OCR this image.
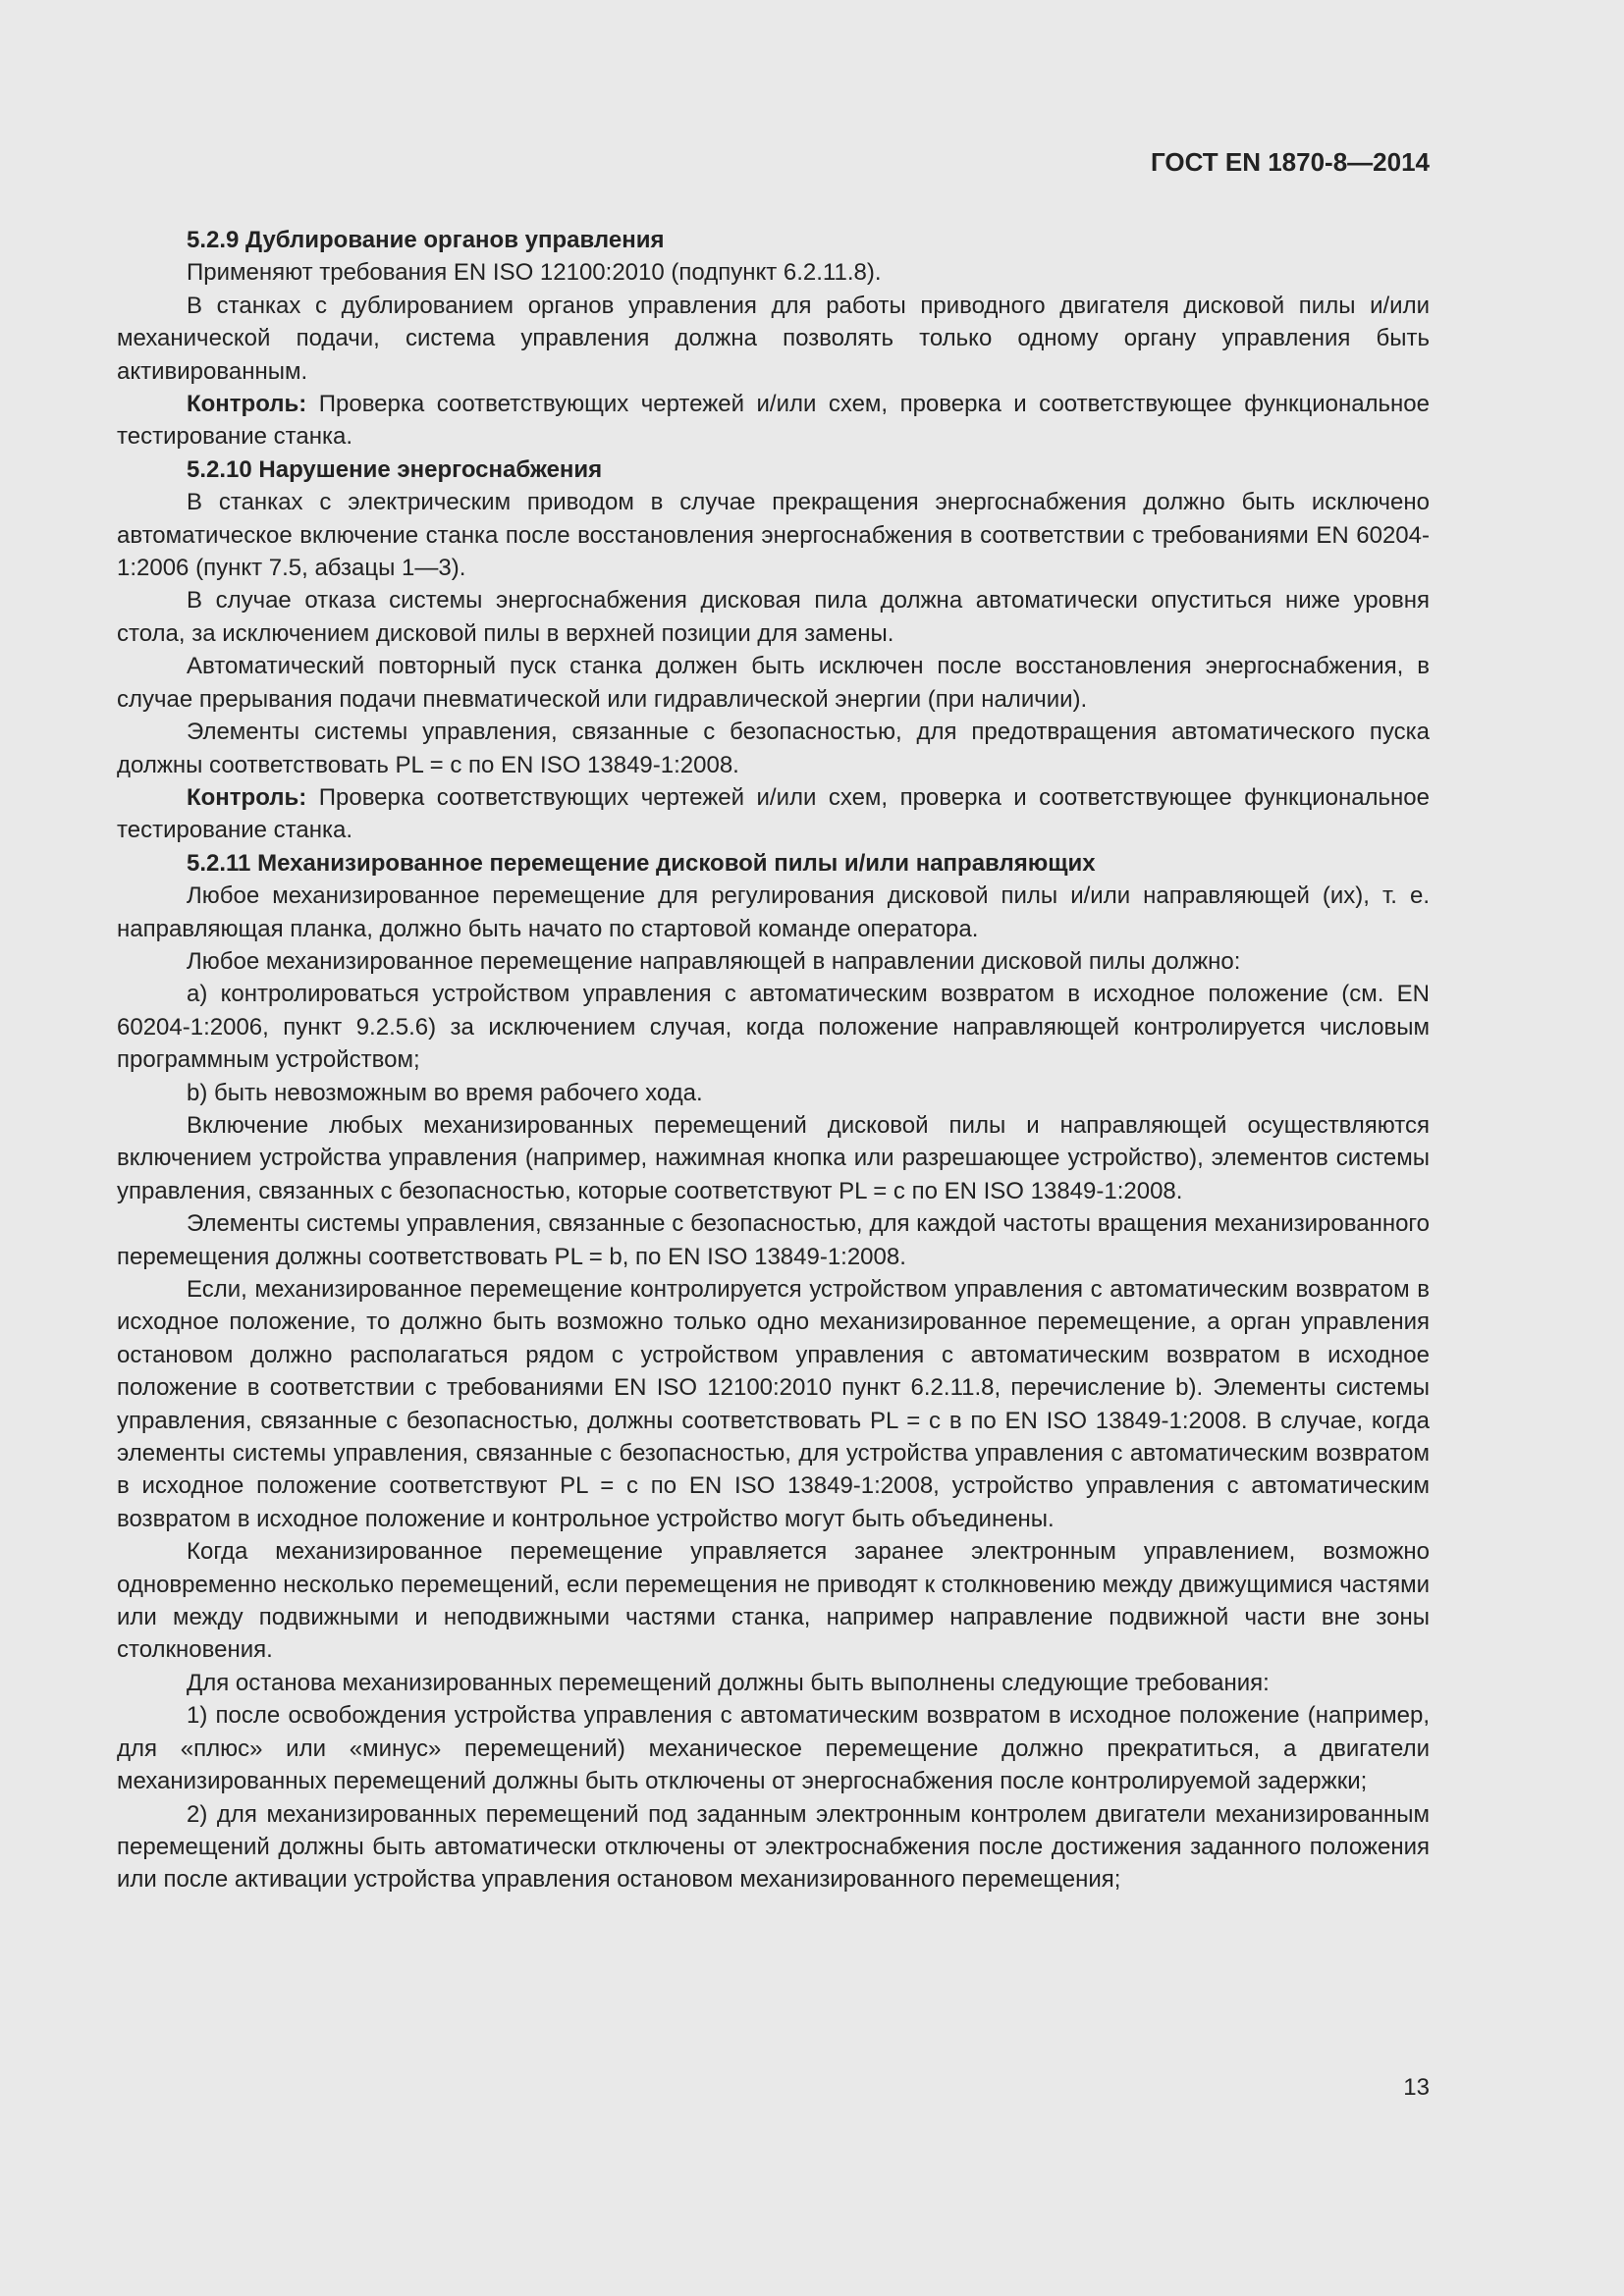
ГОСТ EN 1870-8—2014
5.2.9 Дублирование органов управления

Применяют требования EN ISO 12100:2010 (подпункт 6.2.11.8).

В станках с дублированием органов управления для работы приводного двигателя дисковой пилы и/или механической подачи, система управления должна позволять только одному органу управления быть активированным.

Контроль: Проверка соответствующих чертежей и/или схем, проверка и соответствующее функциональное тестирование станка.

5.2.10 Нарушение энергоснабжения

В станках с электрическим приводом в случае прекращения энергоснабжения должно быть исключено автоматическое включение станка после восстановления энергоснабжения в соответствии с требованиями EN 60204-1:2006 (пункт 7.5, абзацы 1—3).

В случае отказа системы энергоснабжения дисковая пила должна автоматически опуститься ниже уровня стола, за исключением дисковой пилы в верхней позиции для замены.

Автоматический повторный пуск станка должен быть исключен после восстановления энергоснабжения, в случае прерывания подачи пневматической или гидравлической энергии (при наличии).

Элементы системы управления, связанные с безопасностью, для предотвращения автоматического пуска должны соответствовать PL = c по EN ISO 13849-1:2008.

Контроль: Проверка соответствующих чертежей и/или схем, проверка и соответствующее функциональное тестирование станка.

5.2.11 Механизированное перемещение дисковой пилы и/или направляющих

Любое механизированное перемещение для регулирования дисковой пилы и/или направляющей (их), т. е. направляющая планка, должно быть начато по стартовой команде оператора.

Любое механизированное перемещение направляющей в направлении дисковой пилы должно:

a) контролироваться устройством управления с автоматическим возвратом в исходное положение (см. EN 60204-1:2006, пункт 9.2.5.6) за исключением случая, когда положение направляющей контролируется числовым программным устройством;

b) быть невозможным во время рабочего хода.

Включение любых механизированных перемещений дисковой пилы и направляющей осуществляются включением устройства управления (например, нажимная кнопка или разрешающее устройство), элементов системы управления, связанных с безопасностью, которые соответствуют PL = c по EN ISO 13849-1:2008.

Элементы системы управления, связанные с безопасностью, для каждой частоты вращения механизированного перемещения должны соответствовать PL = b, по EN ISO 13849-1:2008.

Если, механизированное перемещение контролируется устройством управления с автоматическим возвратом в исходное положение, то должно быть возможно только одно механизированное перемещение, а орган управления остановом должно располагаться рядом с устройством управления с автоматическим возвратом в исходное положение в соответствии с требованиями EN ISO 12100:2010 пункт 6.2.11.8, перечисление b). Элементы системы управления, связанные с безопасностью, должны соответствовать PL = c в по EN ISO 13849-1:2008. В случае, когда элементы системы управления, связанные с безопасностью, для устройства управления с автоматическим возвратом в исходное положение соответствуют PL = c по EN ISO 13849-1:2008, устройство управления с автоматическим возвратом в исходное положение и контрольное устройство могут быть объединены.

Когда механизированное перемещение управляется заранее электронным управлением, возможно одновременно несколько перемещений, если перемещения не приводят к столкновению между движущимися частями или между подвижными и неподвижными частями станка, например направление подвижной части вне зоны столкновения.

Для останова механизированных перемещений должны быть выполнены следующие требования:

1) после освобождения устройства управления с автоматическим возвратом в исходное положение (например, для «плюс» или «минус» перемещений) механическое перемещение должно прекратиться, а двигатели механизированных перемещений должны быть отключены от энергоснабжения после контролируемой задержки;

2) для механизированных перемещений под заданным электронным контролем двигатели механизированным перемещений должны быть автоматически отключены от электроснабжения после достижения заданного положения или после активации устройства управления остановом механизированного перемещения;

13
